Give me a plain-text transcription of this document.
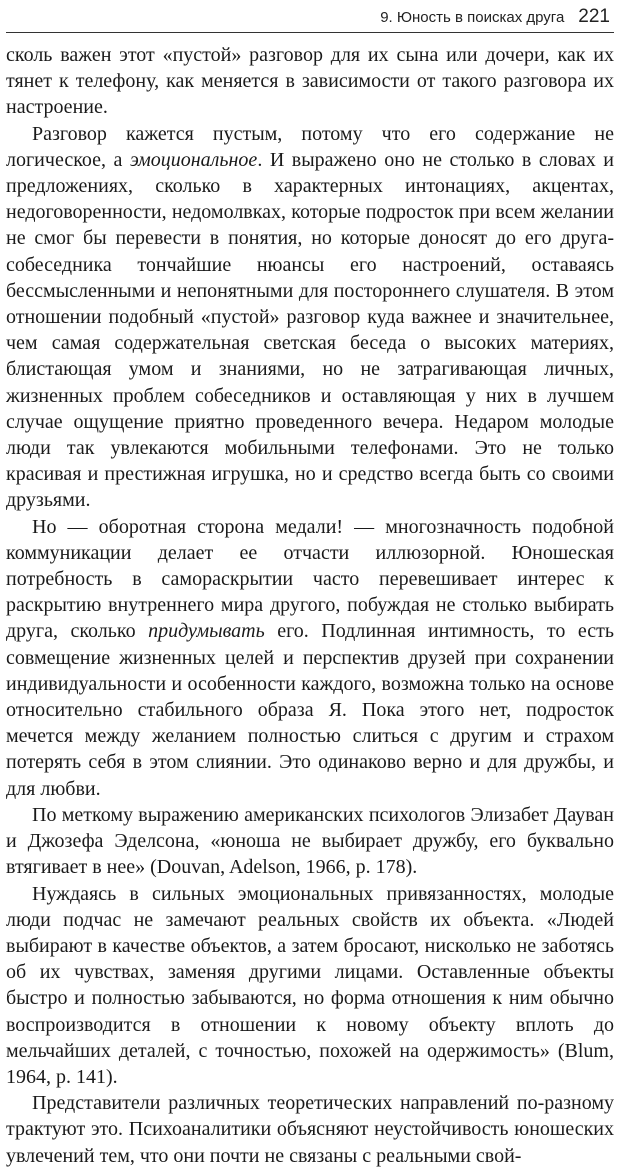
9. Юность в поисках друга 221

сколь важен этот «пустой» разговор для их сына или дочери, как их тянет к телефону, как меняется в зависимости от такого разговора их настроение.

Разговор кажется пустым, потому что его содержание не логическое, а эмоциональное. И выражено оно не столько в словах и предложениях, сколько в характерных интонациях, акцентах, недоговоренности, недомолвках, которые подросток при всем желании не смог бы перевести в понятия, но которые доносят до его друга-собеседника тончайшие нюансы его настроений, оставаясь бессмысленными и непонятными для постороннего слушателя. В этом отношении подобный «пустой» разговор куда важнее и значительнее, чем самая содержательная светская беседа о высоких материях, блистающая умом и знаниями, но не затрагивающая личных, жизненных проблем собеседников и оставляющая у них в лучшем случае ощущение приятно проведенного вечера. Недаром молодые люди так увлекаются мобильными телефонами. Это не только красивая и престижная игрушка, но и средство всегда быть со своими друзьями.

Но — оборотная сторона медали! — многозначность подобной коммуникации делает ее отчасти иллюзорной. Юношеская потребность в самораскрытии часто перевешивает интерес к раскрытию внутреннего мира другого, побуждая не столько выбирать друга, сколько придумывать его. Подлинная интимность, то есть совмещение жизненных целей и перспектив друзей при сохранении индивидуальности и особенности каждого, возможна только на основе относительно стабильного образа Я. Пока этого нет, подросток мечется между желанием полностью слиться с другим и страхом потерять себя в этом слиянии. Это одинаково верно и для дружбы, и для любви.

По меткому выражению американских психологов Элизабет Дауван и Джозефа Эделсона, «юноша не выбирает дружбу, его буквально втягивает в нее» (Douvan, Adelson, 1966, p. 178).

Нуждаясь в сильных эмоциональных привязанностях, молодые люди подчас не замечают реальных свойств их объекта. «Людей выбирают в качестве объектов, а затем бросают, нисколько не заботясь об их чувствах, заменяя другими лицами. Оставленные объекты быстро и полностью забываются, но форма отношения к ним обычно воспроизводится в отношении к новому объекту вплоть до мельчайших деталей, с точностью, похожей на одержимость» (Blum, 1964, p. 141).

Представители различных теоретических направлений по-разному трактуют это. Психоаналитики объясняют неустойчивость юношеских увлечений тем, что они почти не связаны с реальными свой-
